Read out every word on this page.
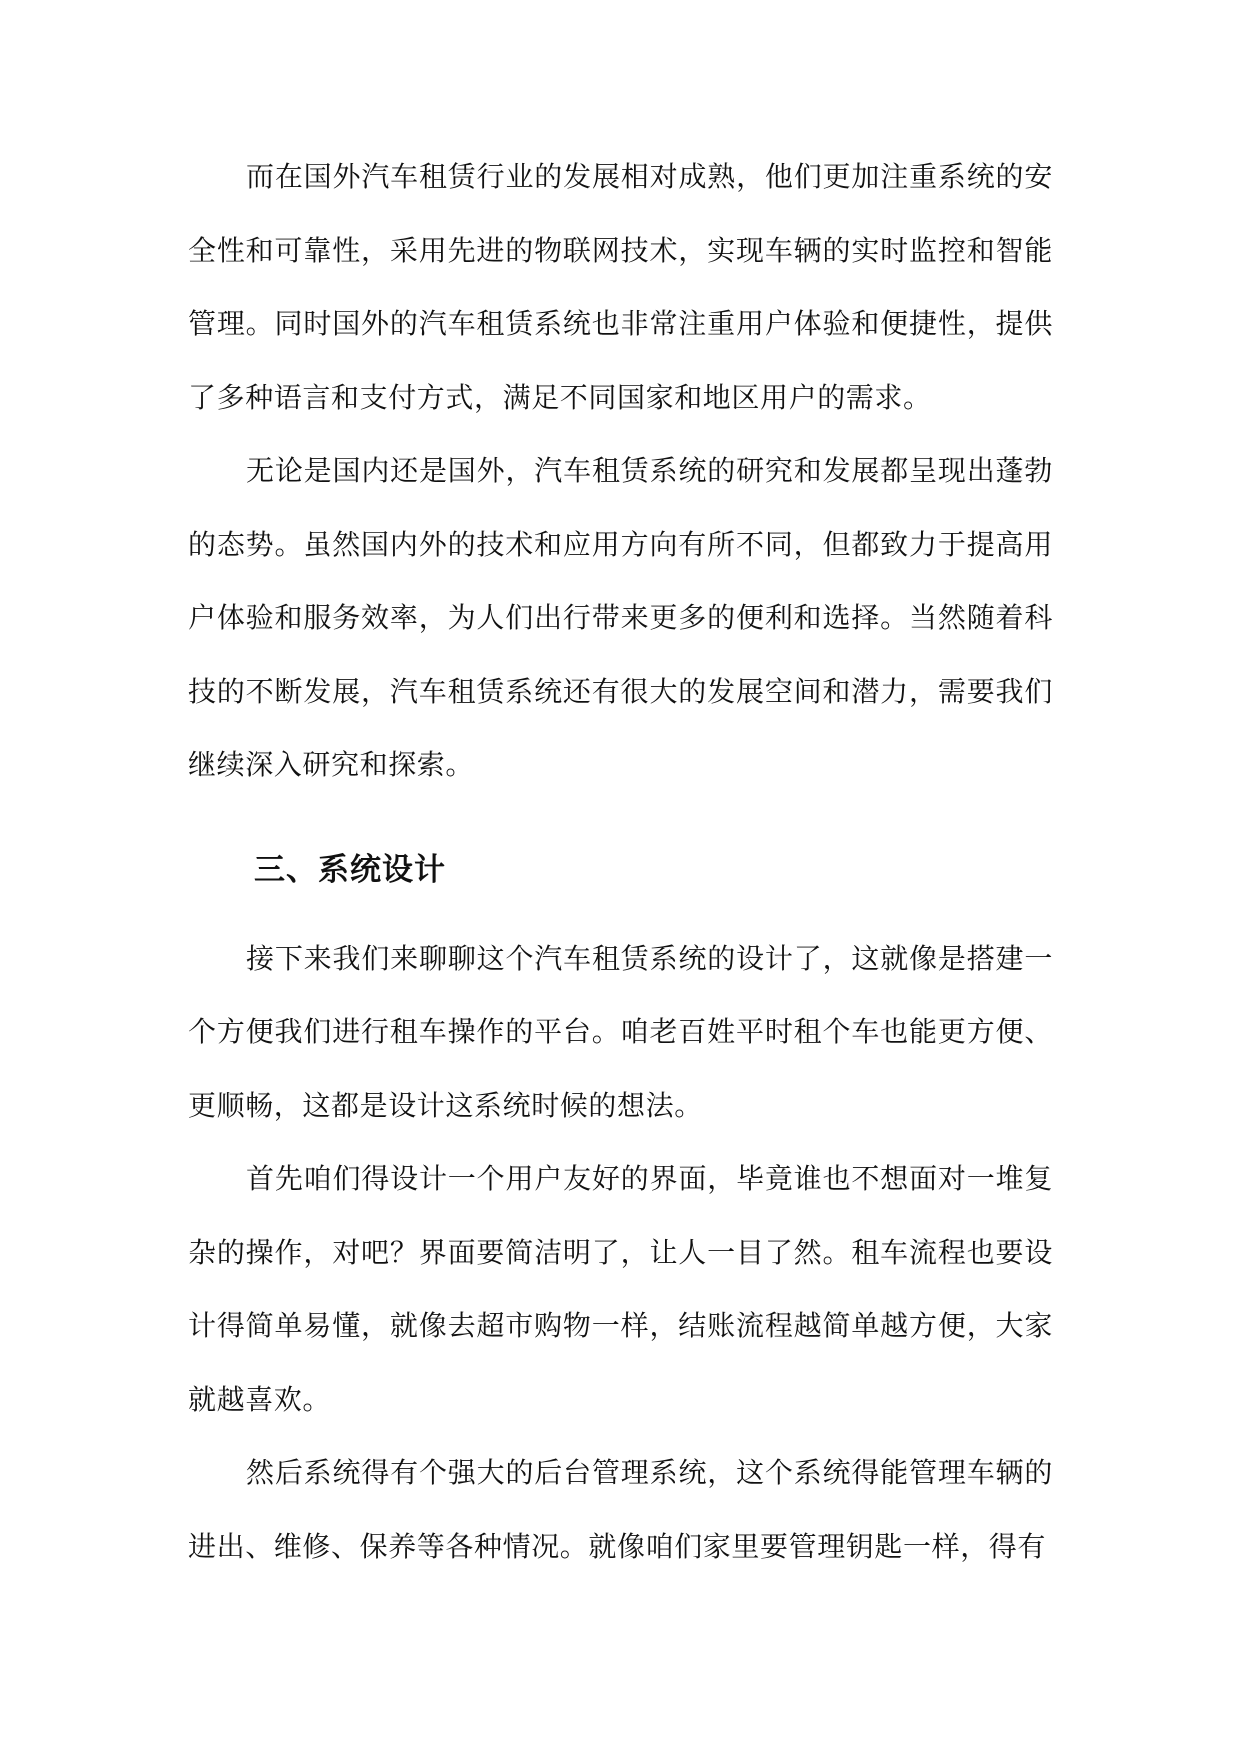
而在国外汽车租赁行业的发展相对成熟，他们更加注重系统的安全性和可靠性，采用先进的物联网技术，实现车辆的实时监控和智能管理。同时国外的汽车租赁系统也非常注重用户体验和便捷性，提供了多种语言和支付方式，满足不同国家和地区用户的需求。

无论是国内还是国外，汽车租赁系统的研究和发展都呈现出蓬勃的态势。虽然国内外的技术和应用方向有所不同，但都致力于提高用户体验和服务效率，为人们出行带来更多的便利和选择。当然随着科技的不断发展，汽车租赁系统还有很大的发展空间和潜力，需要我们继续深入研究和探索。

三、系统设计

接下来我们来聊聊这个汽车租赁系统的设计了，这就像是搭建一个方便我们进行租车操作的平台。咱老百姓平时租个车也能更方便、更顺畅，这都是设计这系统时候的想法。

首先咱们得设计一个用户友好的界面，毕竟谁也不想面对一堆复杂的操作，对吧？界面要简洁明了，让人一目了然。租车流程也要设计得简单易懂，就像去超市购物一样，结账流程越简单越方便，大家就越喜欢。

然后系统得有个强大的后台管理系统，这个系统得能管理车辆的进出、维修、保养等各种情况。就像咱们家里要管理钥匙一样，得有
